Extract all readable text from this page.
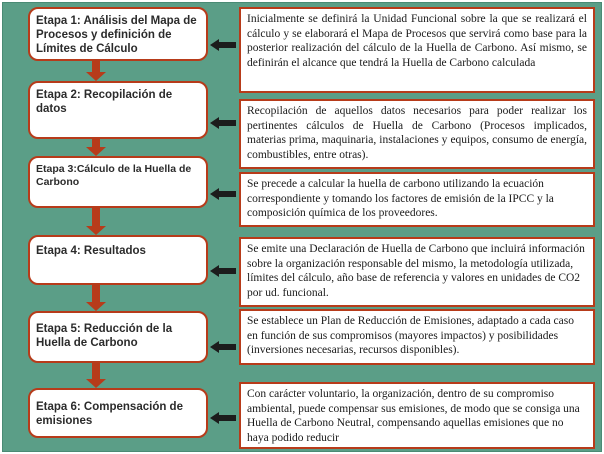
Etapa 1: Análisis del Mapa de Procesos y definición de Límites de Cálculo
Etapa 2: Recopilación de datos
Etapa 3:Cálculo de la Huella de Carbono
Etapa 4: Resultados
Etapa 5: Reducción de la Huella de Carbono
Etapa 6: Compensación de emisiones
Inicialmente se definirá la Unidad Funcional sobre la que se realizará el cálculo y se elaborará el Mapa de Procesos que servirá como base para la posterior realización del cálculo de la Huella de Carbono. Así mismo, se definirán el alcance que tendrá la Huella de Carbono calculada
Recopilación de aquellos datos necesarios para poder realizar los pertinentes cálculos de Huella de Carbono (Procesos implicados, materias prima, maquinaria, instalaciones y equipos, consumo de energía, combustibles, entre otras).
Se precede a calcular la huella de carbono utilizando la ecuación correspondiente y tomando los factores de emisión de la IPCC y la composición química de los proveedores.
Se emite una Declaración de Huella de Carbono que incluirá información sobre la organización responsable del mismo, la metodología utilizada, límites del cálculo, año base de referencia y valores en unidades de CO2 por ud. funcional.
Se establece un Plan de Reducción de Emisiones, adaptado a cada caso en función de sus compromisos (mayores impactos) y posibilidades (inversiones necesarias, recursos disponibles).
Con carácter voluntario, la organización, dentro de su compromiso ambiental, puede compensar sus emisiones, de modo que se consiga una Huella de Carbono Neutral, compensando aquellas emisiones que no haya podido reducir
